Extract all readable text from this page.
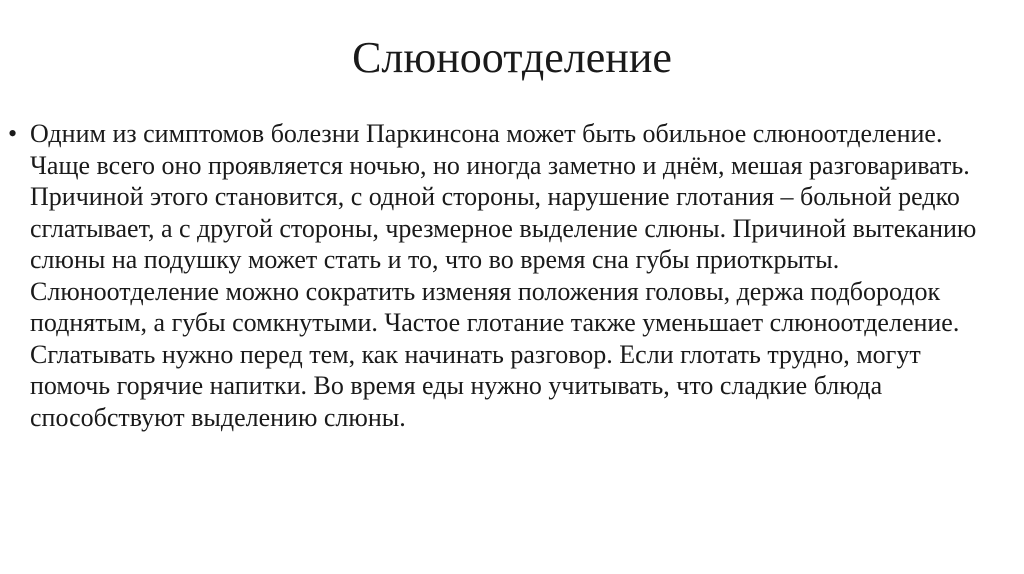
Слюноотделение
• Одним из симптомов болезни Паркинсона может быть обильное слюноотделение. Чаще всего оно проявляется ночью, но иногда заметно и днём, мешая разговаривать. Причиной этого становится, с одной стороны, нарушение глотания – больной редко сглатывает, а с другой стороны, чрезмерное выделение слюны. Причиной вытеканию слюны на подушку может стать и то, что во время сна губы приоткрыты. Слюноотделение можно сократить изменяя положения головы, держа подбородок поднятым, а губы сомкнутыми. Частое глотание также уменьшает слюноотделение. Сглатывать нужно перед тем, как начинать разговор. Если глотать трудно, могут помочь горячие напитки. Во время еды нужно учитывать, что сладкие блюда способствуют выделению слюны.
